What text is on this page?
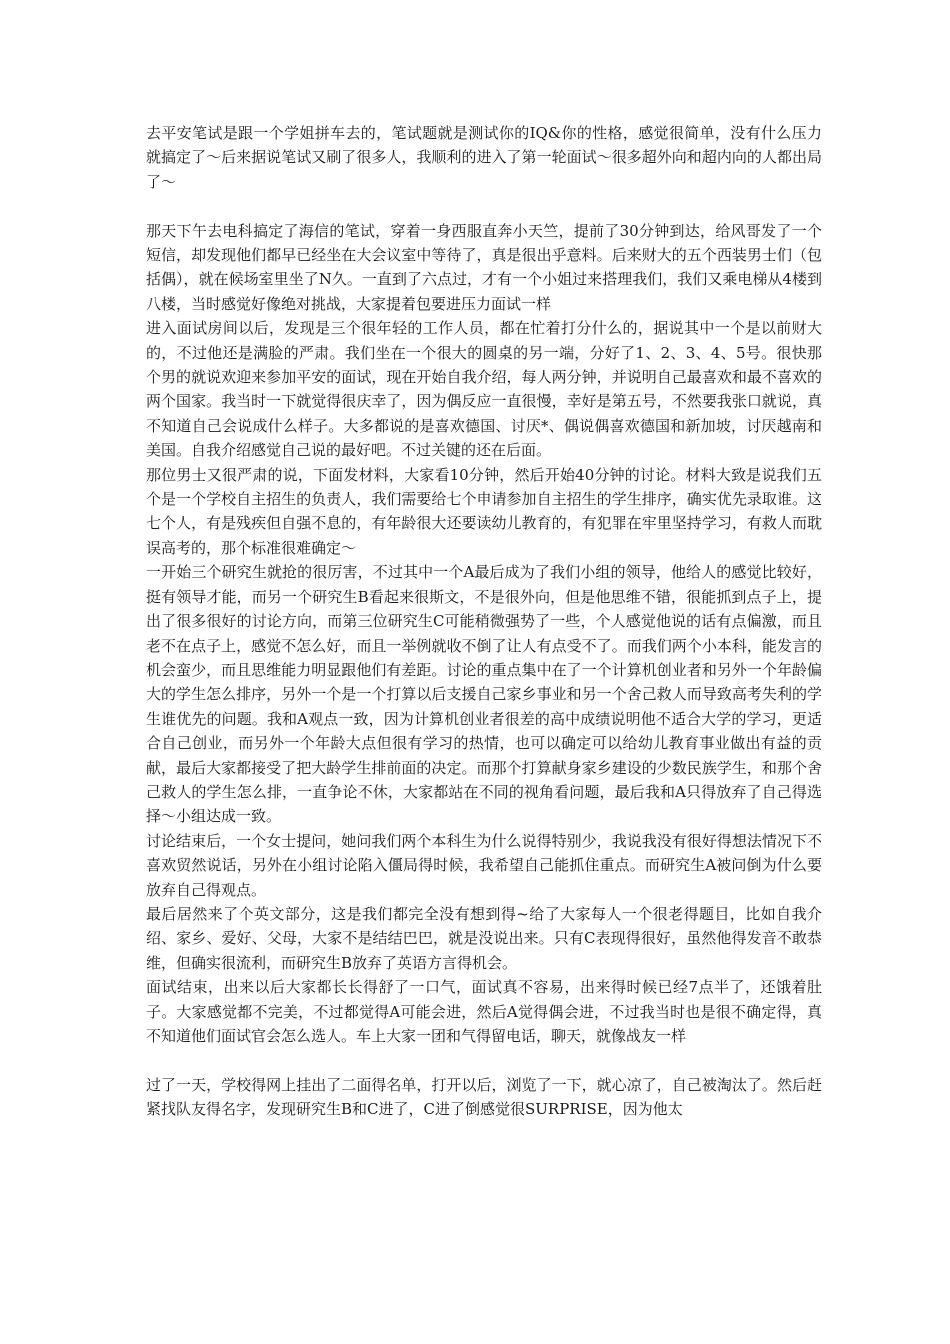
去平安笔试是跟一个学姐拼车去的，笔试题就是测试你的IQ&你的性格，感觉很简单，没有什么压力就搞定了～后来据说笔试又刷了很多人，我顺利的进入了第一轮面试～很多超外向和超内向的人都出局了～

那天下午去电科搞定了海信的笔试，穿着一身西服直奔小天竺，提前了30分钟到达，给风哥发了一个短信，却发现他们都早已经坐在大会议室中等待了，真是很出乎意料。后来财大的五个西装男士们（包括偶），就在候场室里坐了N久。一直到了六点过，才有一个小姐过来搭理我们，我们又乘电梯从4楼到八楼，当时感觉好像绝对挑战，大家提着包要进压力面试一样

进入面试房间以后，发现是三个很年轻的工作人员，都在忙着打分什么的，据说其中一个是以前财大的，不过他还是满脸的严肃。我们坐在一个很大的圆桌的另一端，分好了1、2、3、4、5号。很快那个男的就说欢迎来参加平安的面试，现在开始自我介绍，每人两分钟，并说明自己最喜欢和最不喜欢的两个国家。我当时一下就觉得很庆幸了，因为偶反应一直很慢，幸好是第五号，不然要我张口就说，真不知道自己会说成什么样子。大多都说的是喜欢德国、讨厌*、偶说偶喜欢德国和新加坡，讨厌越南和美国。自我介绍感觉自己说的最好吧。不过关键的还在后面。

那位男士又很严肃的说，下面发材料，大家看10分钟，然后开始40分钟的讨论。材料大致是说我们五个是一个学校自主招生的负责人，我们需要给七个申请参加自主招生的学生排序，确实优先录取谁。这七个人，有是残疾但自强不息的，有年龄很大还要读幼儿教育的，有犯罪在牢里坚持学习，有救人而耽误高考的，那个标准很难确定～

一开始三个研究生就抢的很厉害，不过其中一个A最后成为了我们小组的领导，他给人的感觉比较好，挺有领导才能，而另一个研究生B看起来很斯文，不是很外向，但是他思维不错，很能抓到点子上，提出了很多很好的讨论方向，而第三位研究生C可能稍微强势了一些，个人感觉他说的话有点偏激，而且老不在点子上，感觉不怎么好，而且一举例就收不倒了让人有点受不了。而我们两个小本科，能发言的机会蛮少，而且思维能力明显跟他们有差距。讨论的重点集中在了一个计算机创业者和另外一个年龄偏大的学生怎么排序，另外一个是一个打算以后支援自己家乡事业和另一个舍己救人而导致高考失利的学生谁优先的问题。我和A观点一致，因为计算机创业者很差的高中成绩说明他不适合大学的学习，更适合自己创业，而另外一个年龄大点但很有学习的热情，也可以确定可以给幼儿教育事业做出有益的贡献，最后大家都接受了把大龄学生排前面的决定。而那个打算献身家乡建设的少数民族学生，和那个舍己救人的学生怎么排，一直争论不休，大家都站在不同的视角看问题，最后我和A只得放弃了自己得选择～小组达成一致。

讨论结束后，一个女士提问，她问我们两个本科生为什么说得特别少，我说我没有很好得想法情况下不喜欢贸然说话，另外在小组讨论陷入僵局得时候，我希望自己能抓住重点。而研究生A被问倒为什么要放弃自己得观点。

最后居然来了个英文部分，这是我们都完全没有想到得~给了大家每人一个很老得题目，比如自我介绍、家乡、爱好、父母，大家不是结结巴巴，就是没说出来。只有C表现得很好，虽然他得发音不敢恭维，但确实很流利，而研究生B放弃了英语方言得机会。

面试结束，出来以后大家都长长得舒了一口气，面试真不容易，出来得时候已经7点半了，还饿着肚子。大家感觉都不完美，不过都觉得A可能会进，然后A觉得偶会进，不过我当时也是很不确定得，真不知道他们面试官会怎么选人。车上大家一团和气得留电话，聊天，就像战友一样

过了一天，学校得网上挂出了二面得名单，打开以后，浏览了一下，就心凉了，自己被淘汰了。然后赶紧找队友得名字，发现研究生B和C进了，C进了倒感觉很SURPRISE，因为他太
